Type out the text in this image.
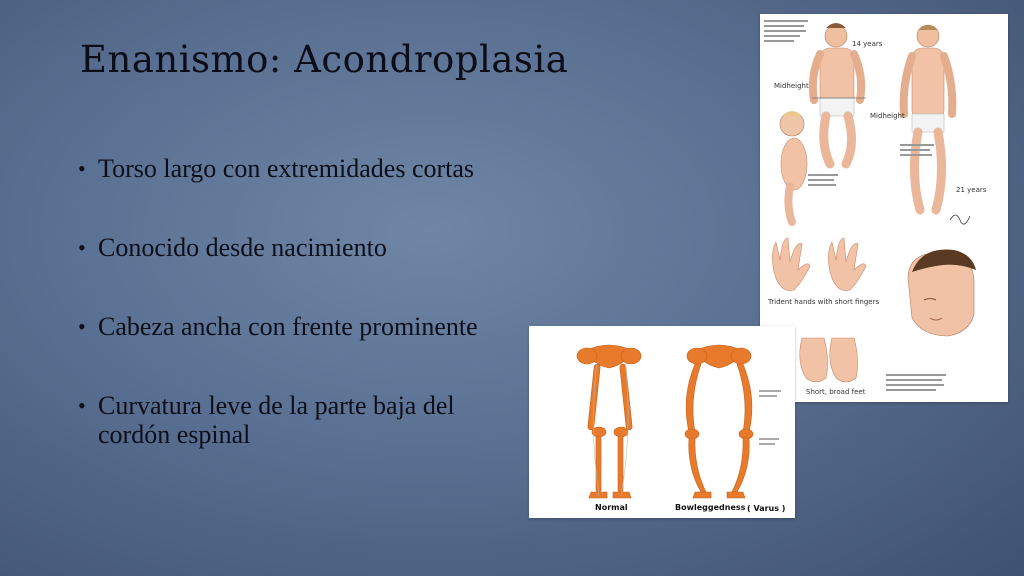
Enanismo: Acondroplasia
• Torso largo con extremidades cortas
• Conocido desde nacimiento
• Cabeza ancha con frente prominente
• Curvatura leve de la parte baja del cordón espinal
14 years
Midheight
Midheight
21 years
Trident hands with short fingers
Short, broad feet
Normal	Bowleggedness ( Varus )
